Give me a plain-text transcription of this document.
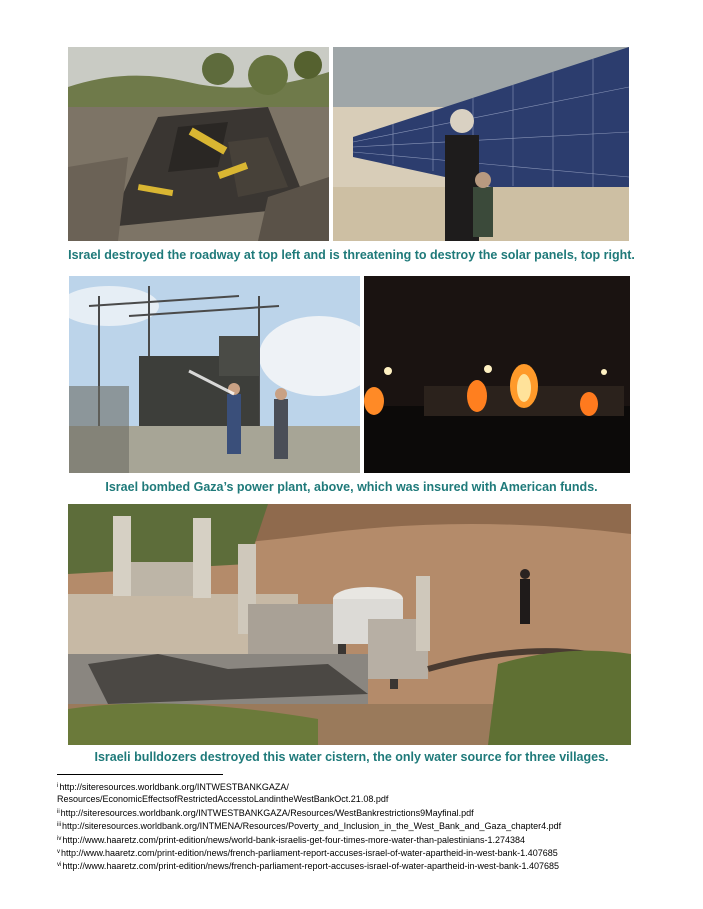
Israel destroyed the roadway at top left and is threatening to destroy the solar panels, top right.
Israel bombed Gaza’s power plant, above, which was insured with American funds.
Israeli bulldozers destroyed this water cistern, the only water source for three villages.
$^i$http://siteresources.worldbank.org/INTWESTBANKGAZA/
Resources/EconomicEffectsofRestrictedAccesstoLandintheWestBankOct.21.08.pdf
$^{ii}$http://siteresources.worldbank.org/INTWESTBANKGAZA/Resources/WestBankrestrictions9Mayfinal.pdf
$^{iii}$http://siteresources.worldbank.org/INTMENA/Resources/Poverty_and_Inclusion_in_the_West_Bank_and_Gaza_chapter4.pdf
$^{iv}$http://www.haaretz.com/print-edition/news/world-bank-israelis-get-four-times-more-water-than-palestinians-1.274384
$^v$http://www.haaretz.com/print-edition/news/french-parliament-report-accuses-israel-of-water-apartheid-in-west-bank-1.407685
$^{vi}$http://www.haaretz.com/print-edition/news/french-parliament-report-accuses-israel-of-water-apartheid-in-west-bank-1.407685
